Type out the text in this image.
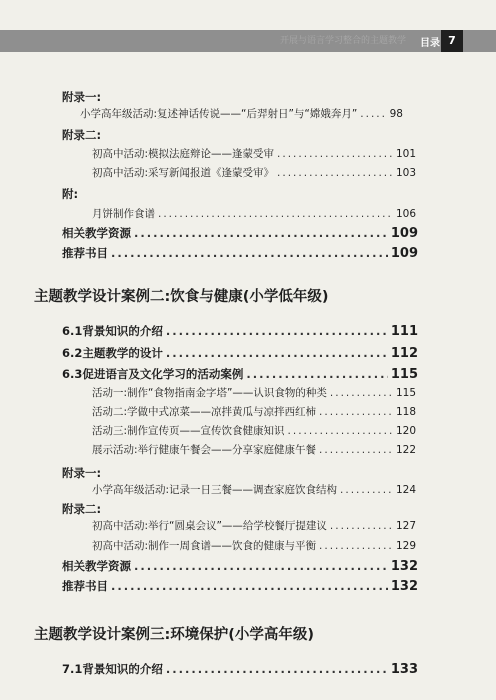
开展与语言学习整合的主题教学 目录 7
附录一:
小学高年级活动:复述神话传说——“后羿射日”与“嫦娥奔月” .....	98
附录二:
初高中活动:模拟法庭辩论——逢蒙受审 .....	101
初高中活动:采写新闻报道《逢蒙受审》 .....	103
附:
月饼制作食谱 .....	106
相关教学资源 .....	109
推荐书目 .....	109
主题教学设计案例二:饮食与健康(小学低年级)
6.1 背景知识的介绍 .....	111
6.2 主题教学的设计 .....	112
6.3 促进语言及文化学习的活动案例 .....	115
活动一:制作“食物指南金字塔”——认识食物的种类 .....	115
活动二:学做中式凉菜——凉拌黄瓜与凉拌西红柿 .....	118
活动三:制作宣传页——宣传饮食健康知识 .....	120
展示活动:举行健康午餐会——分享家庭健康午餐 .....	122
附录一:
小学高年级活动:记录一日三餐——调查家庭饮食结构 .....	124
附录二:
初高中活动:举行“圆桌会议”——给学校餐厅提建议 .....	127
初高中活动:制作一周食谱——饮食的健康与平衡 .....	129
相关教学资源 .....	132
推荐书目 .....	132
主题教学设计案例三:环境保护(小学高年级)
7.1 背景知识的介绍 .....	133
